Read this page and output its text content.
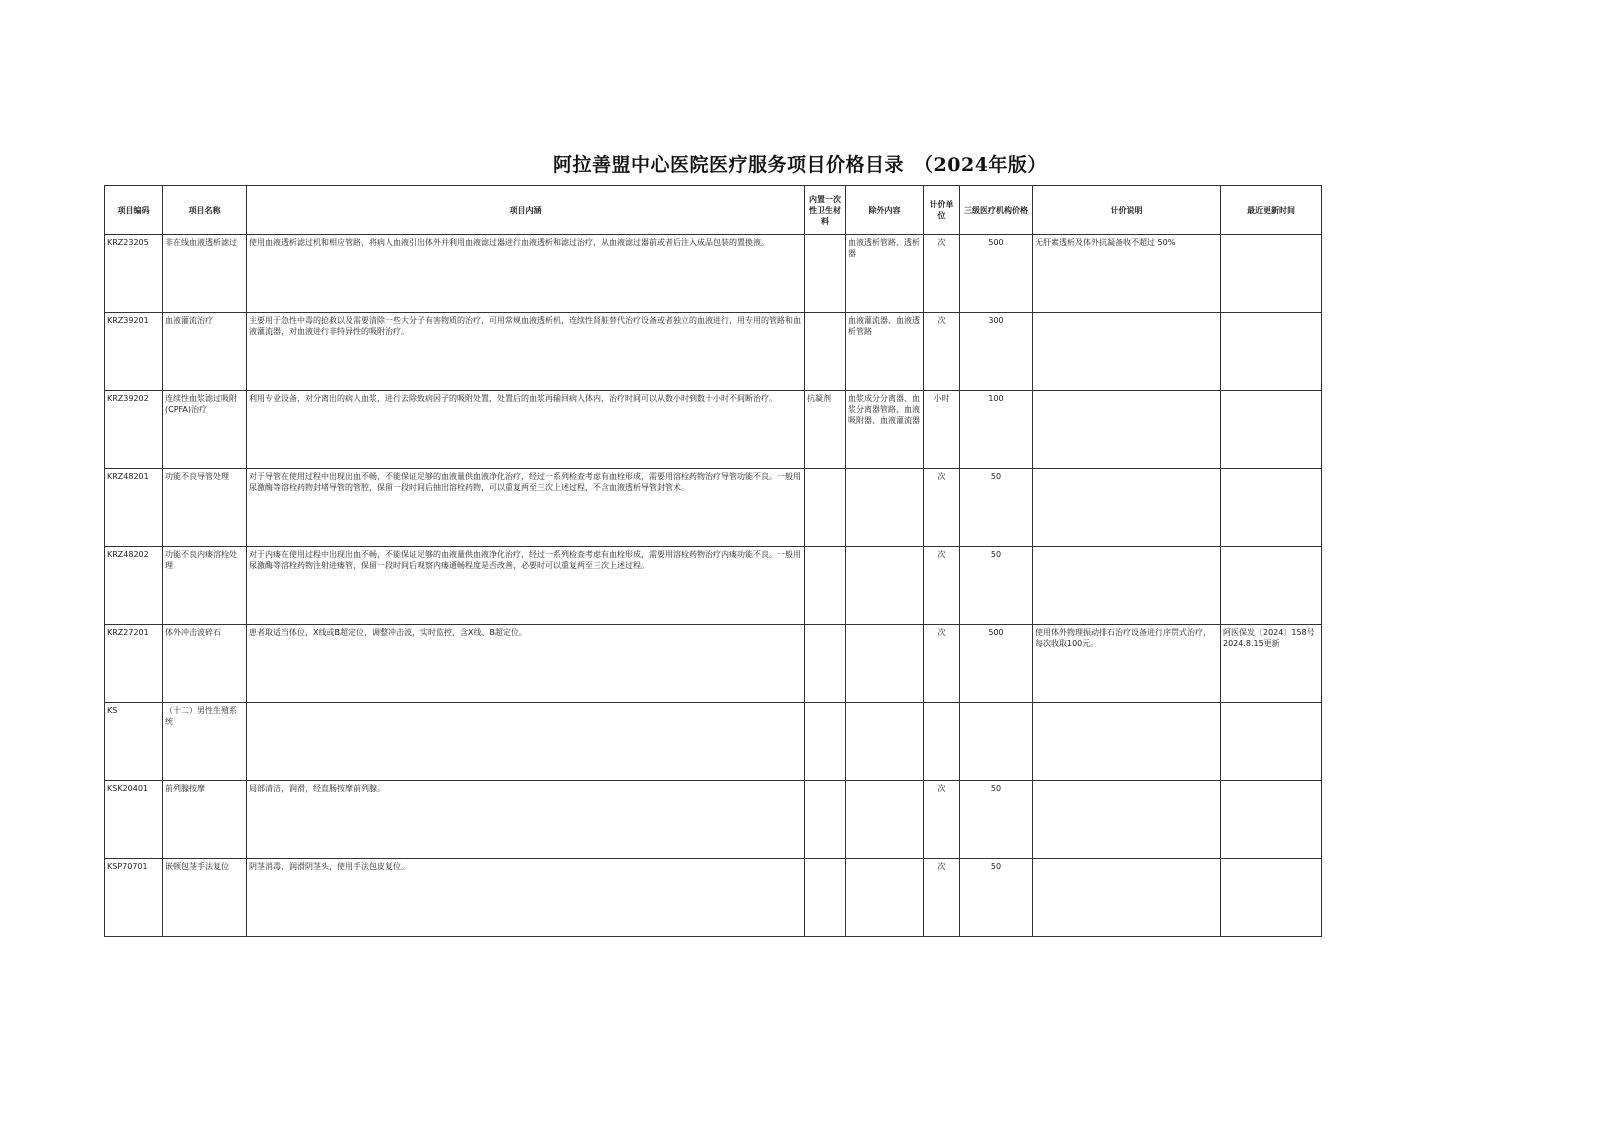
阿拉善盟中心医院医疗服务项目价格目录　（2024年版）
项目编码	项目名称	项目内涵	内置一次性卫生材料	除外内容	计价单位	三级医疗机构价格	计价说明	最近更新时间
KRZ23205	非在线血液透析滤过	使用血液透析滤过机和相应管路，将病人血液引出体外并利用血液滤过器进行血液透析和滤过治疗，从血液滤过器前或者后注入成品包装的置换液。		血液透析管路、透析器	次	500	无肝素透析及体外抗凝备收不超过 50%	
KRZ39201	血液灌流治疗	主要用于急性中毒的抢救以及需要清除一些大分子有害物质的治疗，可用常规血液透析机，连续性肾脏替代治疗设备或者独立的血液进行，用专用的管路和血液灌流器，对血液进行非特异性的吸附治疗。		血液灌流器、血液透析管路	次	300		
KRZ39202	连续性血浆滤过吸附(CPFA)治疗	利用专业设备，对分离出的病人血浆，进行去除致病因子的吸附处置，处置后的血浆再输回病人体内，治疗时间可以从数小时到数十小时不间断治疗。	抗凝剂	血浆成分分离器、血浆分离器管路、血液吸附器、血液灌流器	小时	100		
KRZ48201	功能不良导管处理	对于导管在使用过程中出现出血不畅，不能保证足够的血液量供血液净化治疗，经过一系列检查考虑有血栓形成，需要用溶栓药物治疗导管功能不良。一般用尿激酶等溶栓药物封堵导管的管腔，保留一段时间后抽出溶栓药物，可以重复两至三次上述过程，不含血液透析导管封管术。			次	50		
KRZ48202	功能不良内瘘溶栓处理	对于内瘘在使用过程中出现出血不畅，不能保证足够的血液量供血液净化治疗，经过一系列检查考虑有血栓形成，需要用溶栓药物治疗内瘘功能不良。一般用尿激酶等溶栓药物注射进瘘管，保留一段时间后观察内瘘通畅程度是否改善，必要时可以重复两至三次上述过程。			次	50		
KRZ27201	体外冲击波碎石	患者取适当体位，X线或B超定位，调整冲击波，实时监控，含X线、B超定位。			次	500	使用体外物理振动排石治疗设备进行序贯式治疗，每次收取100元。	阿医保发〔2024〕158号 2024.8.15更新
KS	（十二）男性生殖系统							
KSK20401	前列腺按摩	局部清洁，润滑，经直肠按摩前列腺。			次	50		
KSP70701	嵌顿包茎手法复位	阴茎消毒，润滑阴茎头，使用手法包皮复位。			次	50		
